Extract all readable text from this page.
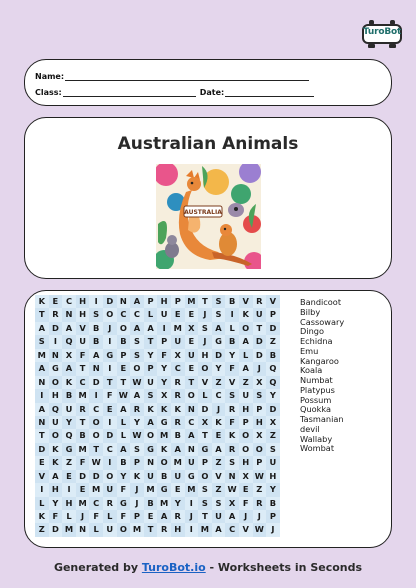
TuroBot
Name:
Class:	Date:
Australian Animals
AUSTRALIA
K E C H	I	D N A P H P M T S B V R V
T R N H S O C C L U E E	J	S	I	K U P
A D A V B	J	O A A	I M X S A L O T D
S	I	Q U B	I	B S T P U E	J	G B A D Z
M N X F A G P S Y F X U H D Y L D B
A G A T N	I	E O P Y C E O Y F A	J	Q
N O K C D T T W U Y R T V Z V Z X Q
I	H B M I	F W A S X R O L C S U S Y
A Q U R C E A R K K K N D	J	R H P D
N U Y T O	I	L Y A G R C X K F P H X
T O Q B O D L W O M B A T E K O X Z
D K G M T C A S G K A N G A R O O S
E K Z F W I	B P N O M U P Z S H P U
V A E D D O Y K U B U G O V N X W H
I	H	I	E M U F	J M G E M S Z W E Z Y
L Y H M C R G	J	B M Y	I	S S X F R B
K F L	J	F L F P E A R	J	T U A	J	J	P
Z D M N L U O M T R H	I M A C V W J
Bandicoot
Bilby
Cassowary
Dingo
Echidna
Emu
Kangaroo
Koala
Numbat
Platypus
Possum
Quokka
Tasmanian
devil
Wallaby
Wombat
Generated by TuroBot.io - Worksheets in Seconds
